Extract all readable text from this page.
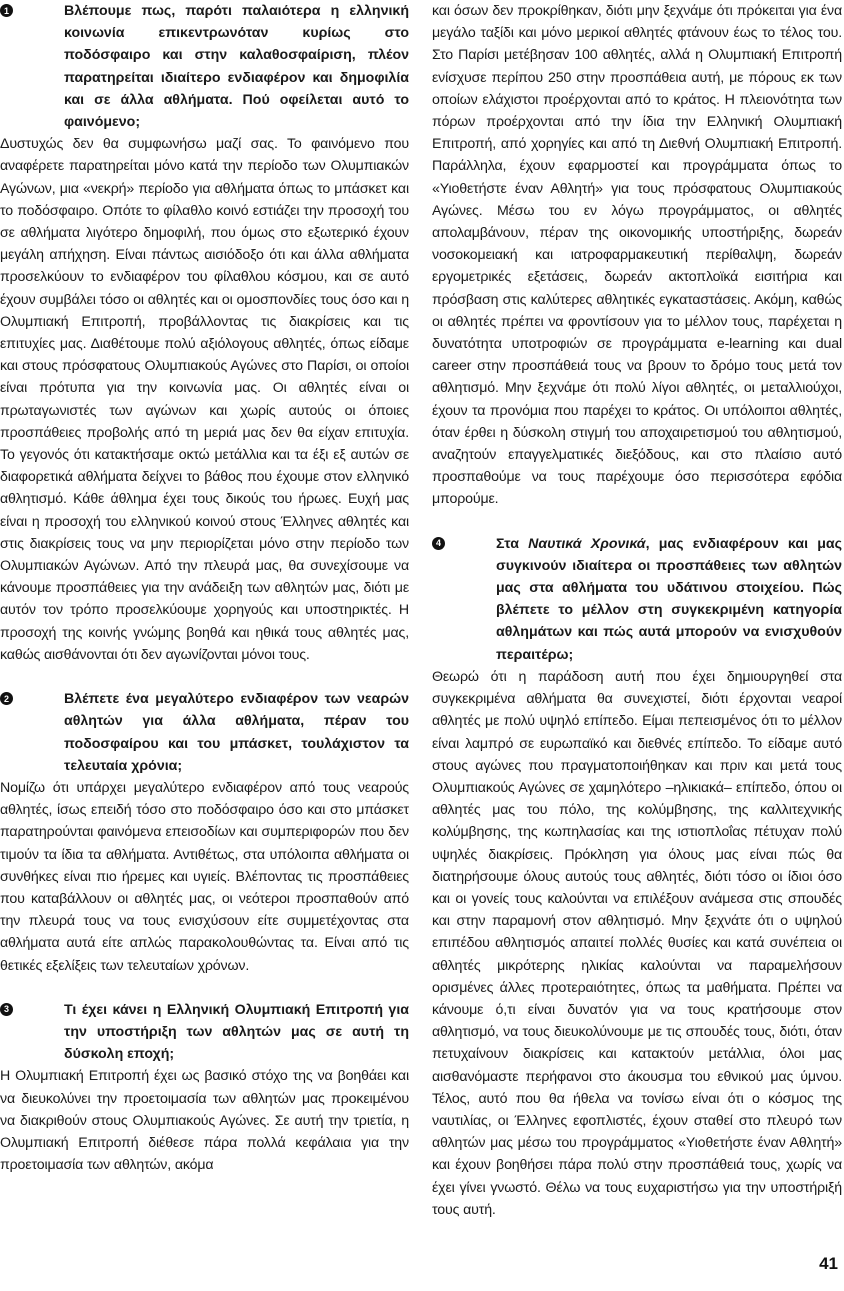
1	Βλέπουμε πως, παρότι παλαιότερα η ελληνική κοινωνία επικεντρωνόταν κυρίως στο ποδόσφαιρο και στην καλαθοσφαίριση, πλέον παρατηρείται ιδιαίτερο ενδιαφέρον και δημοφιλία και σε άλλα αθλήματα. Πού οφείλεται αυτό το φαινόμενο;

Δυστυχώς δεν θα συμφωνήσω μαζί σας. Το φαινόμενο που αναφέρετε παρατηρείται μόνο κατά την περίοδο των Ολυμπιακών Αγώνων, μια «νεκρή» περίοδο για αθλήματα όπως το μπάσκετ και το ποδόσφαιρο. Οπότε το φίλαθλο κοινό εστιάζει την προσοχή του σε αθλήματα λιγότερο δημοφιλή, που όμως στο εξωτερικό έχουν μεγάλη απήχηση. Είναι πάντως αισιόδοξο ότι και άλλα αθλήματα προσελκύουν το ενδιαφέρον του φίλαθλου κόσμου, και σε αυτό έχουν συμβάλει τόσο οι αθλητές και οι ομοσπονδίες τους όσο και η Ολυμπιακή Επιτροπή, προβάλλοντας τις διακρίσεις και τις επιτυχίες μας. Διαθέτουμε πολύ αξιόλογους αθλητές, όπως είδαμε και στους πρόσφατους Ολυμπιακούς Αγώνες στο Παρίσι, οι οποίοι είναι πρότυπα για την κοινωνία μας. Οι αθλητές είναι οι πρωταγωνιστές των αγώνων και χωρίς αυτούς οι όποιες προσπάθειες προβολής από τη μεριά μας δεν θα είχαν επιτυχία. Το γεγονός ότι κατακτήσαμε οκτώ μετάλλια και τα έξι εξ αυτών σε διαφορετικά αθλήματα δείχνει το βάθος που έχουμε στον ελληνικό αθλητισμό. Κάθε άθλημα έχει τους δικούς του ήρωες. Ευχή μας είναι η προσοχή του ελληνικού κοινού στους Έλληνες αθλητές και στις διακρίσεις τους να μην περιορίζεται μόνο στην περίοδο των Ολυμπιακών Αγώνων. Από την πλευρά μας, θα συνεχίσουμε να κάνουμε προσπάθειες για την ανάδειξη των αθλητών μας, διότι με αυτόν τον τρόπο προσελκύουμε χορηγούς και υποστηρικτές. Η προσοχή της κοινής γνώμης βοηθά και ηθικά τους αθλητές μας, καθώς αισθάνονται ότι δεν αγωνίζονται μόνοι τους.

2	Βλέπετε ένα μεγαλύτερο ενδιαφέρον των νεαρών αθλητών για άλλα αθλήματα, πέραν του ποδοσφαίρου και του μπάσκετ, τουλάχιστον τα τελευταία χρόνια;

Νομίζω ότι υπάρχει μεγαλύτερο ενδιαφέρον από τους νεαρούς αθλητές, ίσως επειδή τόσο στο ποδόσφαιρο όσο και στο μπάσκετ παρατηρούνται φαινόμενα επεισοδίων και συμπεριφορών που δεν τιμούν τα ίδια τα αθλήματα. Αντιθέτως, στα υπόλοιπα αθλήματα οι συνθήκες είναι πιο ήρεμες και υγιείς. Βλέποντας τις προσπάθειες που καταβάλλουν οι αθλητές μας, οι νεότεροι προσπαθούν από την πλευρά τους να τους ενισχύσουν είτε συμμετέχοντας στα αθλήματα αυτά είτε απλώς παρακολουθώντας τα. Είναι από τις θετικές εξελίξεις των τελευταίων χρόνων.

3	Τι έχει κάνει η Ελληνική Ολυμπιακή Επιτροπή για την υποστήριξη των αθλητών μας σε αυτή τη δύσκολη εποχή;

Η Ολυμπιακή Επιτροπή έχει ως βασικό στόχο της να βοηθάει και να διευκολύνει την προετοιμασία των αθλητών μας προκειμένου να διακριθούν στους Ολυμπιακούς Αγώνες. Σε αυτή την τριετία, η Ολυμπιακή Επιτροπή διέθεσε πάρα πολλά κεφάλαια για την προετοιμασία των αθλητών, ακόμα

και όσων δεν προκρίθηκαν, διότι μην ξεχνάμε ότι πρόκειται για ένα μεγάλο ταξίδι και μόνο μερικοί αθλητές φτάνουν έως το τέλος του. Στο Παρίσι μετέβησαν 100 αθλητές, αλλά η Ολυμπιακή Επιτροπή ενίσχυσε περίπου 250 στην προσπάθεια αυτή, με πόρους εκ των οποίων ελάχιστοι προέρχονται από το κράτος. Η πλειονότητα των πόρων προέρχονται από την ίδια την Ελληνική Ολυμπιακή Επιτροπή, από χορηγίες και από τη Διεθνή Ολυμπιακή Επιτροπή. Παράλληλα, έχουν εφαρμοστεί και προγράμματα όπως το «Υιοθετήστε έναν Αθλητή» για τους πρόσφατους Ολυμπιακούς Αγώνες. Μέσω του εν λόγω προγράμματος, οι αθλητές απολαμβάνουν, πέραν της οικονομικής υποστήριξης, δωρεάν νοσοκομειακή και ιατροφαρμακευτική περίθαλψη, δωρεάν εργομετρικές εξετάσεις, δωρεάν ακτοπλοϊκά εισιτήρια και πρόσβαση στις καλύτερες αθλητικές εγκαταστάσεις. Ακόμη, καθώς οι αθλητές πρέπει να φροντίσουν για το μέλλον τους, παρέχεται η δυνατότητα υποτροφιών σε προγράμματα e-learning και dual career στην προσπάθειά τους να βρουν το δρόμο τους μετά τον αθλητισμό. Μην ξεχνάμε ότι πολύ λίγοι αθλητές, οι μεταλλιούχοι, έχουν τα προνόμια που παρέχει το κράτος. Οι υπόλοιποι αθλητές, όταν έρθει η δύσκολη στιγμή του αποχαιρετισμού του αθλητισμού, αναζητούν επαγγελματικές διεξόδους, και στο πλαίσιο αυτό προσπαθούμε να τους παρέχουμε όσο περισσότερα εφόδια μπορούμε.

4	Στα Ναυτικά Χρονικά, μας ενδιαφέρουν και μας συγκινούν ιδιαίτερα οι προσπάθειες των αθλητών μας στα αθλήματα του υδάτινου στοιχείου. Πώς βλέπετε το μέλλον στη συγκεκριμένη κατηγορία αθλημάτων και πώς αυτά μπορούν να ενισχυθούν περαιτέρω;

Θεωρώ ότι η παράδοση αυτή που έχει δημιουργηθεί στα συγκεκριμένα αθλήματα θα συνεχιστεί, διότι έρχονται νεαροί αθλητές με πολύ υψηλό επίπεδο. Είμαι πεπεισμένος ότι το μέλλον είναι λαμπρό σε ευρωπαϊκό και διεθνές επίπεδο. Το είδαμε αυτό στους αγώνες που πραγματοποιήθηκαν και πριν και μετά τους Ολυμπιακούς Αγώνες σε χαμηλότερο –ηλικιακά– επίπεδο, όπου οι αθλητές μας του πόλο, της κολύμβησης, της καλλιτεχνικής κολύμβησης, της κωπηλασίας και της ιστιοπλοΐας πέτυχαν πολύ υψηλές διακρίσεις. Πρόκληση για όλους μας είναι πώς θα διατηρήσουμε όλους αυτούς τους αθλητές, διότι τόσο οι ίδιοι όσο και οι γονείς τους καλούνται να επιλέξουν ανάμεσα στις σπουδές και στην παραμονή στον αθλητισμό. Μην ξεχνάτε ότι ο υψηλού επιπέδου αθλητισμός απαιτεί πολλές θυσίες και κατά συνέπεια οι αθλητές μικρότερης ηλικίας καλούνται να παραμελήσουν ορισμένες άλλες προτεραιότητες, όπως τα μαθήματα. Πρέπει να κάνουμε ό,τι είναι δυνατόν για να τους κρατήσουμε στον αθλητισμό, να τους διευκολύνουμε με τις σπουδές τους, διότι, όταν πετυχαίνουν διακρίσεις και κατακτούν μετάλλια, όλοι μας αισθανόμαστε περήφανοι στο άκουσμα του εθνικού μας ύμνου. Τέλος, αυτό που θα ήθελα να τονίσω είναι ότι ο κόσμος της ναυτιλίας, οι Έλληνες εφοπλιστές, έχουν σταθεί στο πλευρό των αθλητών μας μέσω του προγράμματος «Υιοθετήστε έναν Αθλητή» και έχουν βοηθήσει πάρα πολύ στην προσπάθειά τους, χωρίς να έχει γίνει γνωστό. Θέλω να τους ευχαριστήσω για την υποστήριξή τους αυτή.

41
